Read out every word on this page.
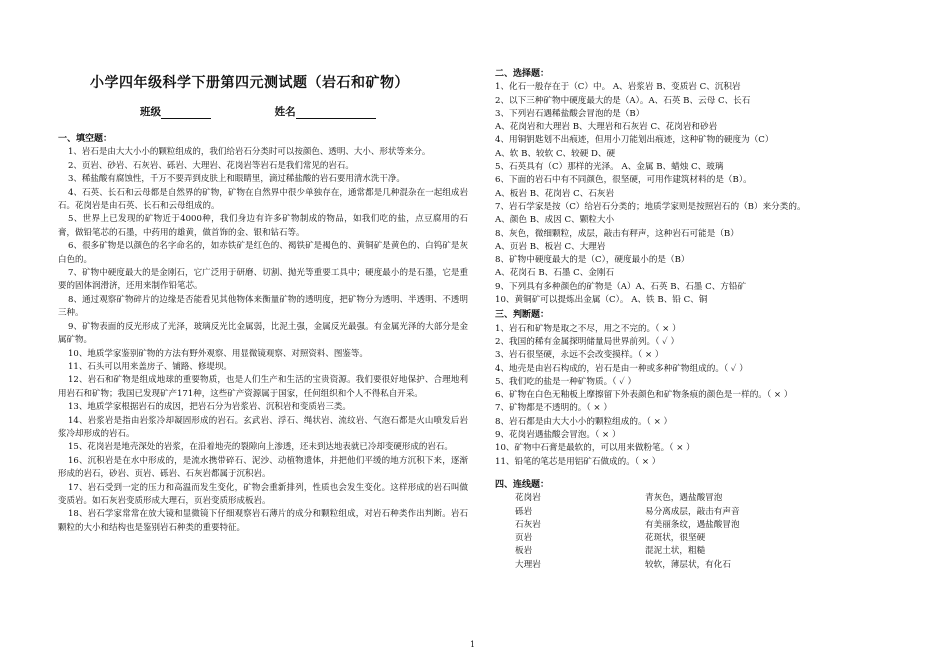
小学四年级科学下册第四元测试题（岩石和矿物）
班级	姓名

一、填空题：

1、岩石是由大大小小的颗粒组成的，我们给岩石分类时可以按颜色、透明、大小、形状等来分。

2、页岩、砂岩、石灰岩、砾岩、大理岩、花岗岩等岩石是我们常见的岩石。

3、稀盐酸有腐蚀性，千万不要弄到皮肤上和眼睛里，滴过稀盐酸的岩石要用清水洗干净。

4、石英、长石和云母都是自然界的矿物，矿物在自然界中很少单独存在，通常都是几种混杂在一起组成岩石。花岗岩是由石英、长石和云母组成的。

5、世界上已发现的矿物近于4000种，我们身边有许多矿物制成的物品，如我们吃的盐，点豆腐用的石膏，做铅笔芯的石墨，中药用的雄黄，做首饰的金、银和钻石等。

6、很多矿物是以颜色的名字命名的，如赤铁矿是红色的、褐铁矿是褐色的、黄铜矿是黄色的、白钨矿是灰白色的。

7、矿物中硬度最大的是金刚石，它广泛用于研磨、切割、抛光等重要工具中；硬度最小的是石墨，它是重要的固体润滑济，还用来制作铅笔芯。

8、通过观察矿物碎片的边缘是否能看见其他物体来衡量矿物的透明度，把矿物分为透明、半透明、不透明三种。

9、矿物表面的反光形成了光泽，玻璃反光比金属弱，比泥土强，金属反光最强。有金属光泽的大部分是金属矿物。

10、地质学家鉴别矿物的方法有野外观察、用显微镜观察、对照资料、图鉴等。

11、石头可以用来盖房子、铺路、修堤坝。

12、岩石和矿物是组成地球的重要物质，也是人们生产和生活的宝贵资源。我们要很好地保护、合理地利用岩石和矿物；我国已发现矿产171种，这些矿产资源属于国家，任何组织和个人不得私自开采。

13、地质学家根据岩石的成因，把岩石分为岩浆岩、沉积岩和变质岩三类。

14、岩浆岩是指由岩浆冷却凝固形成的岩石。玄武岩、浮石、绳状岩、流纹岩、气泡石都是火山喷发后岩浆冷却形成的岩石。

15、花岗岩是地壳深处的岩浆，在沿着地壳的裂隙向上渗透，还未到达地表就已冷却变硬形成的岩石。

16、沉积岩是在水中形成的，是流水携带碎石、泥沙、动植物遗体，并把他们平缓的地方沉积下来，逐渐形成的岩石，砂岩、页岩、砾岩、石灰岩都属于沉积岩。

17、岩石受到一定的压力和高温而发生变化，矿物会重新排列，性质也会发生变化。这样形成的岩石叫做变质岩。如石灰岩变质形成大理石，页岩变质形成板岩。

18、岩石学家常常在放大镜和显微镜下仔细观察岩石薄片的成分和颗粒组成，对岩石种类作出判断。岩石颗粒的大小和结构也是鉴别岩石种类的重要特征。

二、选择题：

1、化石一般存在于（C）中。 A、岩浆岩 B、变质岩 C、沉积岩

2、以下三种矿物中硬度最大的是（A）。A、石英 B、云母 C、长石

3、下列岩石遇稀盐酸会冒泡的是（B）

A、花岗岩和大理岩 B、大理岩和石灰岩 C、花岗岩和砂岩

4、用铜钥匙划不出痕迹，但用小刀能划出痕迹，这种矿物的硬度为（C）

A、软 B、较软 C、较硬 D、硬

5、石英具有（C）那样的光泽。 A、金属 B、蜡烛 C、玻璃

6、下面的岩石中有不同颜色，很坚硬，可用作建筑材料的是（B）。

A、板岩 B、花岗岩 C、石灰岩

7、岩石学家是按（C）给岩石分类的；地质学家则是按照岩石的（B）来分类的。

A、颜色 B、成因 C、颗粒大小

8、灰色，微细颗粒，成层，敲击有秤声，这种岩石可能是（B）

A、页岩 B、板岩 C、大理岩

8、矿物中硬度最大的是（C），硬度最小的是（B）

A、花岗石 B、石墨 C、金刚石

9、下列具有多种颜色的矿物是（A）A、石英 B、石墨 C、方铅矿

10、黄铜矿可以提炼出金属（C）。 A、铁 B、铅 C、铜

三、判断题：

1、岩石和矿物是取之不尽，用之不完的。（ × ）

2、我国的稀有金属探明储量局世界前列。（ ✓ ）

3、岩石很坚硬，永远不会改变摸样。（ × ）

4、地壳是由岩石构成的，岩石是由一种或多种矿物组成的。（ ✓ ）

5、我们吃的盐是一种矿物质。（ ✓ ）

6、矿物在白色无釉板上摩擦留下外表颜色和矿物条痕的颜色是一样的。（ × ）

7、矿物都是不透明的。（ × ）

8、岩石都是由大大小小的颗粒组成的。（ × ）

9、花岗岩遇盐酸会冒泡。（ × ）

10、矿物中石膏是最软的，可以用来做粉笔。（ × ）

11、铅笔的笔芯是用铝矿石做成的。（ × ）

四、连线题：

花岗岩	青灰色，遇盐酸冒泡
砾岩	易分离成层，敲击有声音
石灰岩	有美丽条纹，遇盐酸冒泡
页岩	花斑状，很坚硬
板岩	混泥土状，粗糙
大理岩	较软，薄层状，有化石
1
